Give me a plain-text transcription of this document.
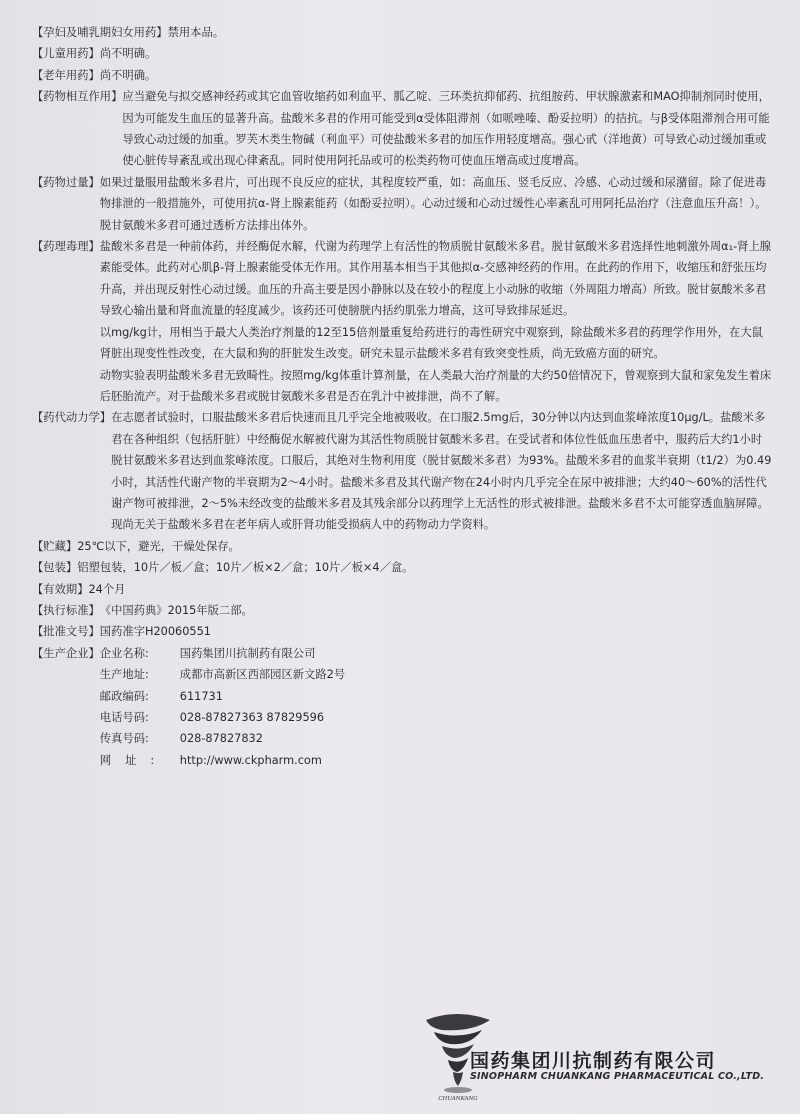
【孕妇及哺乳期妇女用药】 禁用本品。
【儿童用药】 尚不明确。
【老年用药】 尚不明确。
【药物相互作用】 应当避免与拟交感神经药或其它血管收缩药如利血平、胍乙啶、三环类抗抑郁药、抗组胺药、甲状腺激素和MAO抑制剂同时使用，因为可能发生血压的显著升高。盐酸米多君的作用可能受到α受体阻滞剂（如哌唑嗪、酚妥拉明）的拮抗。与β受体阻滞剂合用可能导致心动过缓的加重。罗芙木类生物碱（利血平）可使盐酸米多君的加压作用轻度增高。强心甙（洋地黄）可导致心动过缓加重或使心脏传导紊乱或出现心律紊乱。同时使用阿托品或可的松类药物可使血压增高或过度增高。

【药物过量】 如果过量服用盐酸米多君片，可出现不良反应的症状，其程度较严重，如：高血压、竖毛反应、冷感、心动过缓和尿潴留。除了促进毒物排泄的一般措施外，可使用抗α-肾上腺素能药（如酚妥拉明）。心动过缓和心动过缓性心率紊乱可用阿托品治疗（注意血压升高！）。脱甘氨酸米多君可通过透析方法排出体外。

【药理毒理】 盐酸米多君是一种前体药，并经酶促水解，代谢为药理学上有活性的物质脱甘氨酸米多君。脱甘氨酸米多君选择性地刺激外周α₁-肾上腺素能受体。此药对心肌β-肾上腺素能受体无作用。其作用基本相当于其他拟α-交感神经药的作用。在此药的作用下，收缩压和舒张压均升高，并出现反射性心动过缓。血压的升高主要是因小静脉以及在较小的程度上小动脉的收缩（外周阻力增高）所致。脱甘氨酸米多君导致心输出量和肾血流量的轻度减少。该药还可使膀胱内括约肌张力增高，这可导致排尿延迟。

以mg/kg计，用相当于最大人类治疗剂量的12至15倍剂量重复给药进行的毒性研究中观察到，除盐酸米多君的药理学作用外，在大鼠肾脏出现变性性改变，在大鼠和狗的肝脏发生改变。研究未显示盐酸米多君有致突变性质，尚无致癌方面的研究。

动物实验表明盐酸米多君无致畸性。按照mg/kg体重计算剂量，在人类最大治疗剂量的大约50倍情况下，曾观察到大鼠和家兔发生着床后胚胎流产。对于盐酸米多君或脱甘氨酸米多君是否在乳汁中被排泄，尚不了解。

【药代动力学】 在志愿者试验时，口服盐酸米多君后快速而且几乎完全地被吸收。在口服2.5mg后，30分钟以内达到血浆峰浓度10μg/L。盐酸米多君在各种组织（包括肝脏）中经酶促水解被代谢为其活性物质脱甘氨酸米多君。在受试者和体位性低血压患者中，服药后大约1小时脱甘氨酸米多君达到血浆峰浓度。口服后，其绝对生物利用度（脱甘氨酸米多君）为93%。盐酸米多君的血浆半衰期（t1/2）为0.49小时，其活性代谢产物的半衰期为2～4小时。盐酸米多君及其代谢产物在24小时内几乎完全在尿中被排泄；大约40～60%的活性代谢产物可被排泄，2～5%未经改变的盐酸米多君及其残余部分以药理学上无活性的形式被排泄。盐酸米多君不太可能穿透血脑屏障。现尚无关于盐酸米多君在老年病人或肝肾功能受损病人中的药物动力学资料。

【贮藏】 25℃以下，避光，干燥处保存。
【包装】 铝塑包装，10片／板／盒；10片／板×2／盒；10片／板×4／盒。
【有效期】 24个月
【执行标准】 《中国药典》2015年版二部。
【批准文号】 国药准字H20060551
【生产企业】 企业名称:	国药集团川抗制药有限公司
生产地址:	成都市高新区西部园区新文路2号
邮政编码:	611731
电话号码:	028-87827363 87829596
传真号码:	028-87827832
网址:	http://www.ckpharm.com
CHUANKANG
国药集团川抗制药有限公司
SINOPHARM CHUANKANG PHARMACEUTICAL CO.,LTD.
